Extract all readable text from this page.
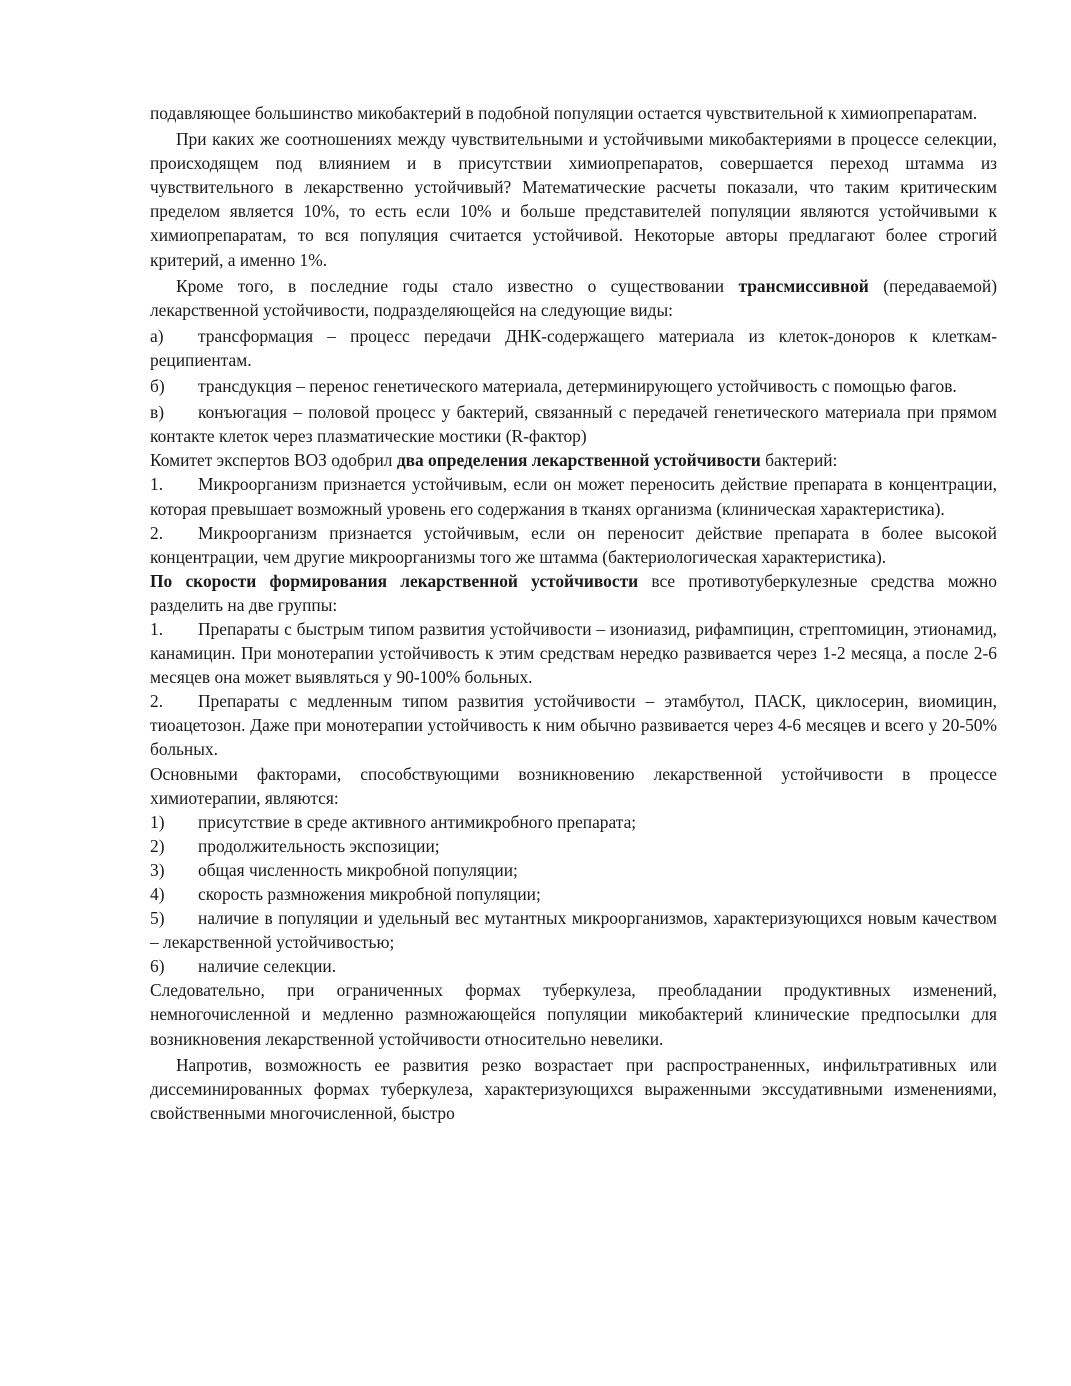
подавляющее большинство микобактерий в подобной популяции остается чувствительной к химиопрепаратам.

При каких же соотношениях между чувствительными и устойчивыми микобактериями в процессе селекции, происходящем под влиянием и в присутствии химиопрепаратов, совершается переход штамма из чувствительного в лекарственно устойчивый? Математические расчеты показали, что таким критическим пределом является 10%, то есть если 10% и больше представителей популяции являются устойчивыми к химиопрепаратам, то вся популяция считается устойчивой. Некоторые авторы предлагают более строгий критерий, а именно 1%.

Кроме того, в последние годы стало известно о существовании трансмиссивной (передаваемой) лекарственной устойчивости, подразделяющейся на следующие виды:

а) трансформация – процесс передачи ДНК-содержащего материала из клеток-доноров к клеткам-реципиентам.

б) трансдукция – перенос генетического материала, детерминирующего устойчивость с помощью фагов.

в) конъюгация – половой процесс у бактерий, связанный с передачей генетического материала при прямом контакте клеток через плазматические мостики (R-фактор)

Комитет экспертов ВОЗ одобрил два определения лекарственной устойчивости бактерий:

1. Микроорганизм признается устойчивым, если он может переносить действие препарата в концентрации, которая превышает возможный уровень его содержания в тканях организма (клиническая характеристика).

2. Микроорганизм признается устойчивым, если он переносит действие препарата в более высокой концентрации, чем другие микроорганизмы того же штамма (бактериологическая характеристика).

По скорости формирования лекарственной устойчивости все противотуберкулезные средства можно разделить на две группы:

1. Препараты с быстрым типом развития устойчивости – изониазид, рифампицин, стрептомицин, этионамид, канамицин. При монотерапии устойчивость к этим средствам нередко развивается через 1-2 месяца, а после 2-6 месяцев она может выявляться у 90-100% больных.

2. Препараты с медленным типом развития устойчивости – этамбутол, ПАСК, циклосерин, виомицин, тиоацетозон. Даже при монотерапии устойчивость к ним обычно развивается через 4-6 месяцев и всего у 20-50% больных.

Основными факторами, способствующими возникновению лекарственной устойчивости в процессе химиотерапии, являются:

1) присутствие в среде активного антимикробного препарата;

2) продолжительность экспозиции;

3) общая численность микробной популяции;

4) скорость размножения микробной популяции;

5) наличие в популяции и удельный вес мутантных микроорганизмов, характеризующихся новым качеством – лекарственной устойчивостью;

6) наличие селекции.

Следовательно, при ограниченных формах туберкулеза, преобладании продуктивных изменений, немногочисленной и медленно размножающейся популяции микобактерий клинические предпосылки для возникновения лекарственной устойчивости относительно невелики.

Напротив, возможность ее развития резко возрастает при распространенных, инфильтративных или диссеминированных формах туберкулеза, характеризующихся выраженными экссудативными изменениями, свойственными многочисленной, быстро
